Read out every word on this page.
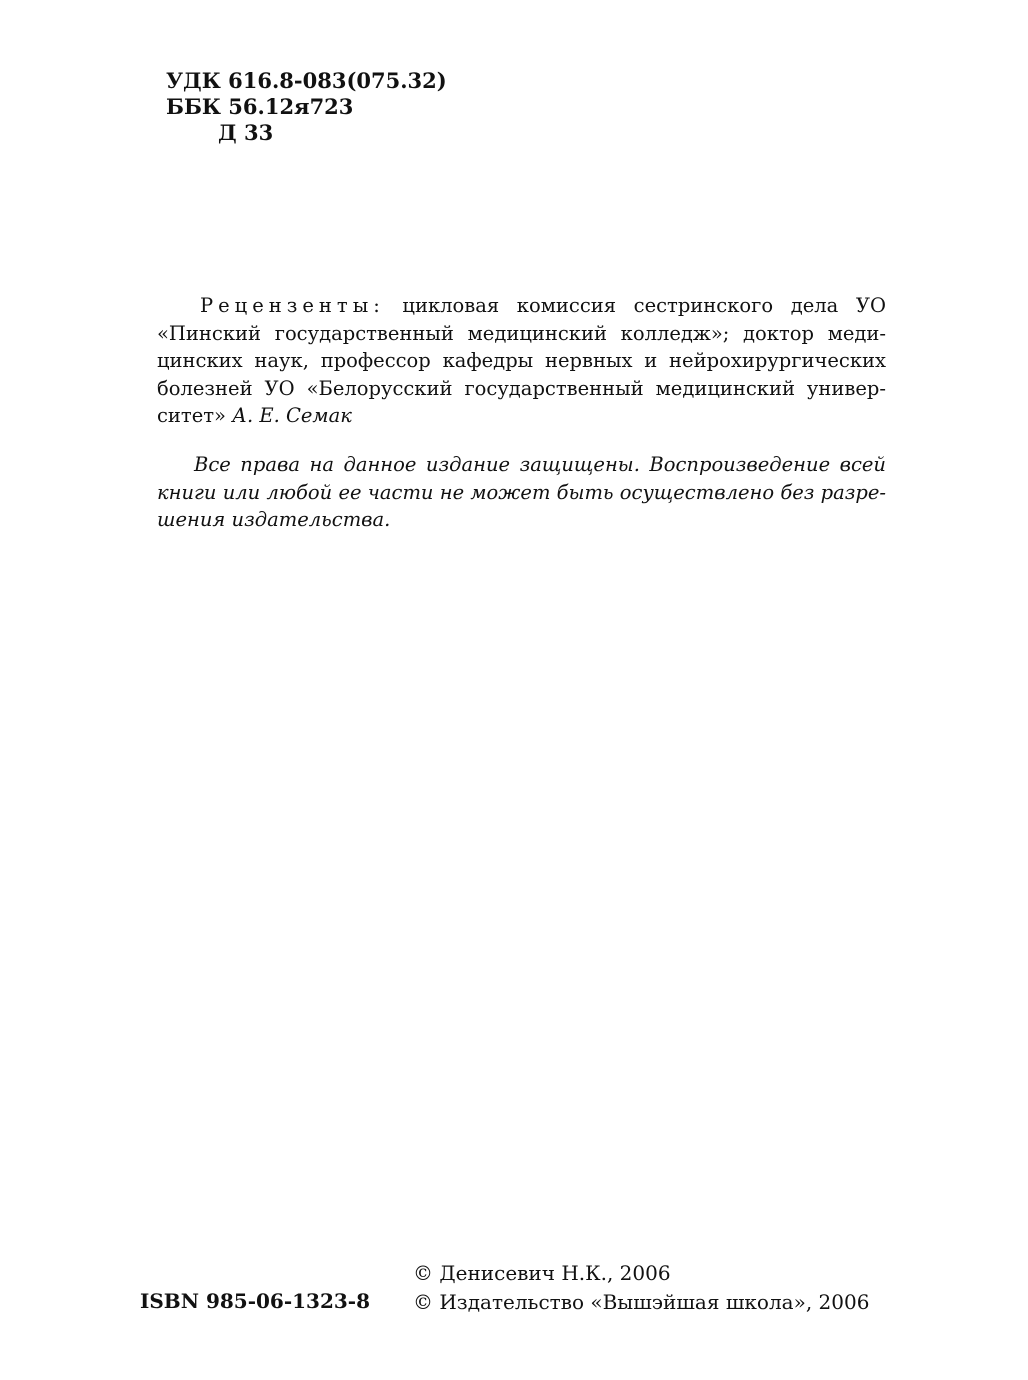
УДК 616.8-083(075.32)
ББК 56.12я723
Д 33
Рецензенты: цикловая комиссия сестринского дела УО
«Пинский государственный медицинский колледж»; доктор меди-
цинских наук, профессор кафедры нервных и нейрохирургических
болезней УО «Белорусский государственный медицинский универ-
ситет» А. Е. Семак
Все права на данное издание защищены. Воспроизведение всей
книги или любой ее части не может быть осуществлено без разре-
шения издательства.
ISBN 985-06-1323-8
© Денисевич Н.К., 2006
© Издательство «Вышэйшая школа», 2006
